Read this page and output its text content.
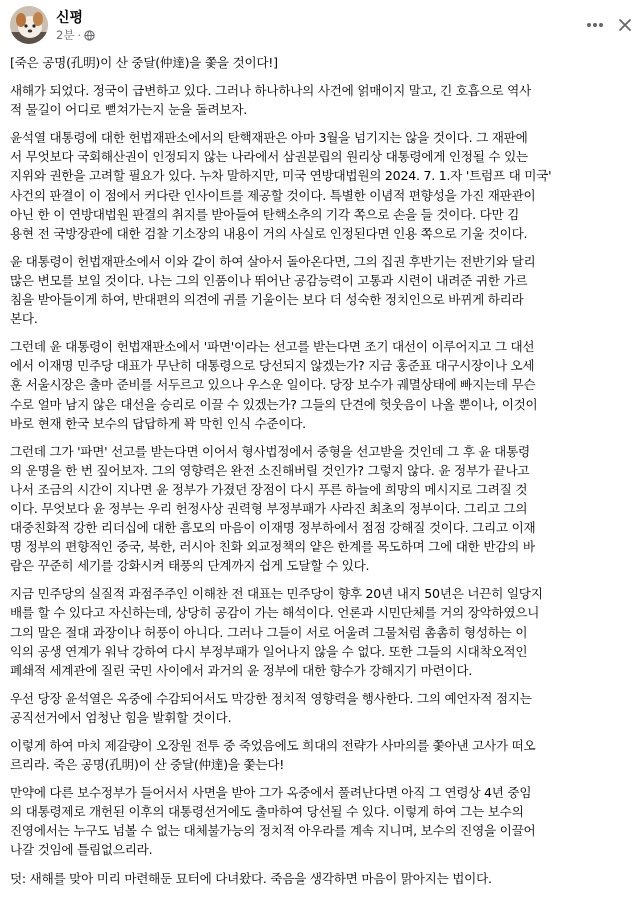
신평
2분 ·

[죽은 공명(孔明)이 산 중달(仲達)을 쫓을 것이다!]

새해가 되었다. 정국이 급변하고 있다. 그러나 하나하나의 사건에 얽매이지 말고, 긴 호흡으로 역사
적 물길이 어디로 뻗쳐가는지 눈을 돌려보자.

윤석열 대통령에 대한 헌법재판소에서의 탄핵재판은 아마 3월을 넘기지는 않을 것이다. 그 재판에
서 무엇보다 국회해산권이 인정되지 않는 나라에서 삼권분립의 원리상 대통령에게 인정될 수 있는
지위와 권한을 고려할 필요가 있다. 누차 말하지만, 미국 연방대법원의 2024. 7. 1.자 '트럼프 대 미국'
사건의 판결이 이 점에서 커다란 인사이트를 제공할 것이다. 특별한 이념적 편향성을 가진 재판관이
아닌 한 이 연방대법원 판결의 취지를 받아들여 탄핵소추의 기각 쪽으로 손을 들 것이다. 다만 김
용현 전 국방장관에 대한 검찰 기소장의 내용이 거의 사실로 인정된다면 인용 쪽으로 기울 것이다.

윤 대통령이 헌법재판소에서 이와 같이 하여 살아서 돌아온다면, 그의 집권 후반기는 전반기와 달리
많은 변모를 보일 것이다. 나는 그의 인품이나 뛰어난 공감능력이 고통과 시련이 내려준 귀한 가르
침을 받아들이게 하여, 반대편의 의견에 귀를 기울이는 보다 더 성숙한 정치인으로 바뀌게 하리라
본다.

그런데 윤 대통령이 헌법재판소에서 '파면'이라는 선고를 받는다면 조기 대선이 이루어지고 그 대선
에서 이재명 민주당 대표가 무난히 대통령으로 당선되지 않겠는가? 지금 홍준표 대구시장이나 오세
훈 서울시장은 출마 준비를 서두르고 있으나 우스운 일이다. 당장 보수가 궤멸상태에 빠지는데 무슨
수로 얼마 남지 않은 대선을 승리로 이끌 수 있겠는가? 그들의 단견에 헛웃음이 나올 뿐이나, 이것이
바로 현재 한국 보수의 답답하게 꽉 막힌 인식 수준이다.

그런데 그가 '파면' 선고를 받는다면 이어서 형사법정에서 중형을 선고받을 것인데 그 후 윤 대통령
의 운명을 한 번 짚어보자. 그의 영향력은 완전 소진해버릴 것인가? 그렇지 않다. 윤 정부가 끝나고
나서 조금의 시간이 지나면 윤 정부가 가졌던 장점이 다시 푸른 하늘에 희망의 메시지로 그려질 것
이다. 무엇보다 윤 정부는 우리 헌정사상 권력형 부정부패가 사라진 최초의 정부이다. 그리고 그의
대중친화적 강한 리더십에 대한 흠모의 마음이 이재명 정부하에서 점점 강해질 것이다. 그리고 이재
명 정부의 편향적인 중국, 북한, 러시아 친화 외교정책의 얕은 한계를 목도하며 그에 대한 반감의 바
람은 꾸준히 세기를 강화시켜 태풍의 단계까지 쉽게 도달할 수 있다.

지금 민주당의 실질적 과점주주인 이해찬 전 대표는 민주당이 향후 20년 내지 50년은 너끈히 일당지
배를 할 수 있다고 자신하는데, 상당히 공감이 가는 해석이다. 언론과 시민단체를 거의 장악하였으니
그의 말은 절대 과장이나 허풍이 아니다. 그러나 그들이 서로 어울려 그물처럼 촘촘히 형성하는 이
익의 공생 연계가 워낙 강하여 다시 부정부패가 일어나지 않을 수 없다. 또한 그들의 시대착오적인
폐쇄적 세계관에 질린 국민 사이에서 과거의 윤 정부에 대한 향수가 강해지기 마련이다.

우선 당장 윤석열은 옥중에 수감되어서도 막강한 정치적 영향력을 행사한다. 그의 예언자적 점지는
공직선거에서 엄청난 힘을 발휘할 것이다.

이렇게 하여 마치 제갈량이 오장원 전투 중 죽었음에도 희대의 전략가 사마의를 쫓아낸 고사가 떠오
르리라. 죽은 공명(孔明)이 산 중달(仲達)을 쫓는다!

만약에 다른 보수정부가 들어서서 사면을 받아 그가 옥중에서 풀려난다면 아직 그 연령상 4년 중임
의 대통령제로 개헌된 이후의 대통령선거에도 출마하여 당선될 수 있다. 이렇게 하여 그는 보수의
진영에서는 누구도 넘볼 수 없는 대체불가능의 정치적 아우라를 계속 지니며, 보수의 진영을 이끌어
나갈 것임에 틀림없으리라.

덧: 새해를 맞아 미리 마련해둔 묘터에 다녀왔다. 죽음을 생각하면 마음이 맑아지는 법이다.
